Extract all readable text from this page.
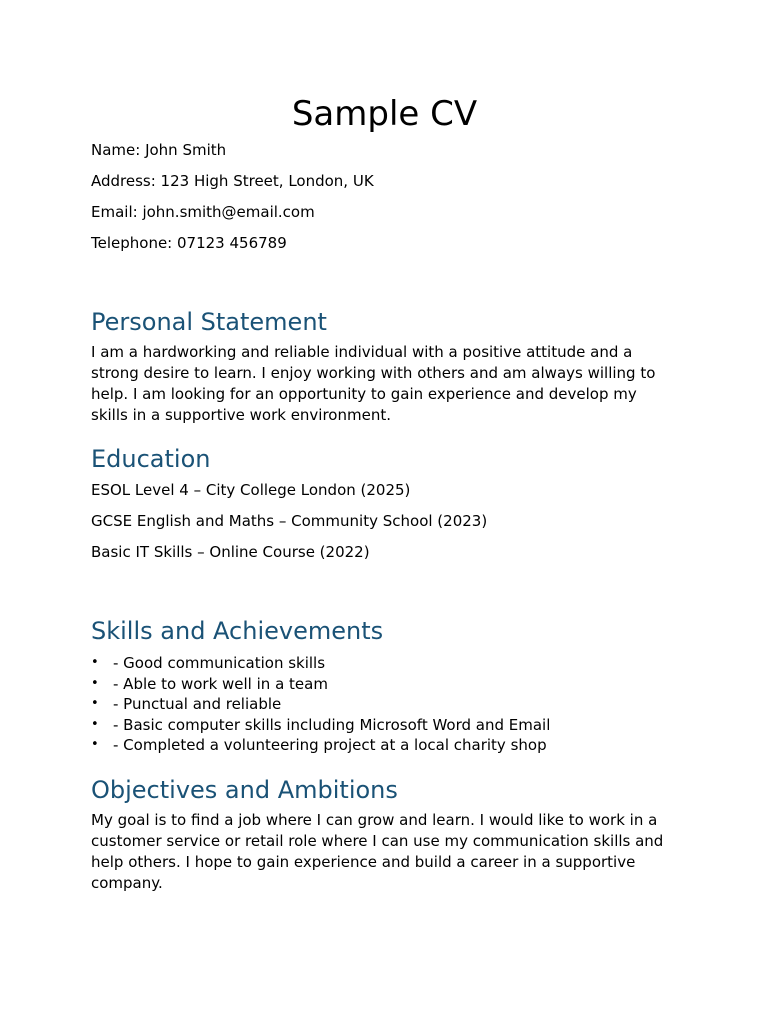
Sample CV
Name: John Smith
Address: 123 High Street, London, UK
Email: john.smith@email.com
Telephone: 07123 456789
Personal Statement

I am a hardworking and reliable individual with a positive attitude and a strong desire to learn. I enjoy working with others and am always willing to help. I am looking for an opportunity to gain experience and develop my skills in a supportive work environment.

Education
ESOL Level 4 – City College London (2025)
GCSE English and Maths – Community School (2023)
Basic IT Skills – Online Course (2022)
Skills and Achievements
• - Good communication skills
• - Able to work well in a team
• - Punctual and reliable
• - Basic computer skills including Microsoft Word and Email
• - Completed a volunteering project at a local charity shop
Objectives and Ambitions

My goal is to find a job where I can grow and learn. I would like to work in a customer service or retail role where I can use my communication skills and help others. I hope to gain experience and build a career in a supportive company.
